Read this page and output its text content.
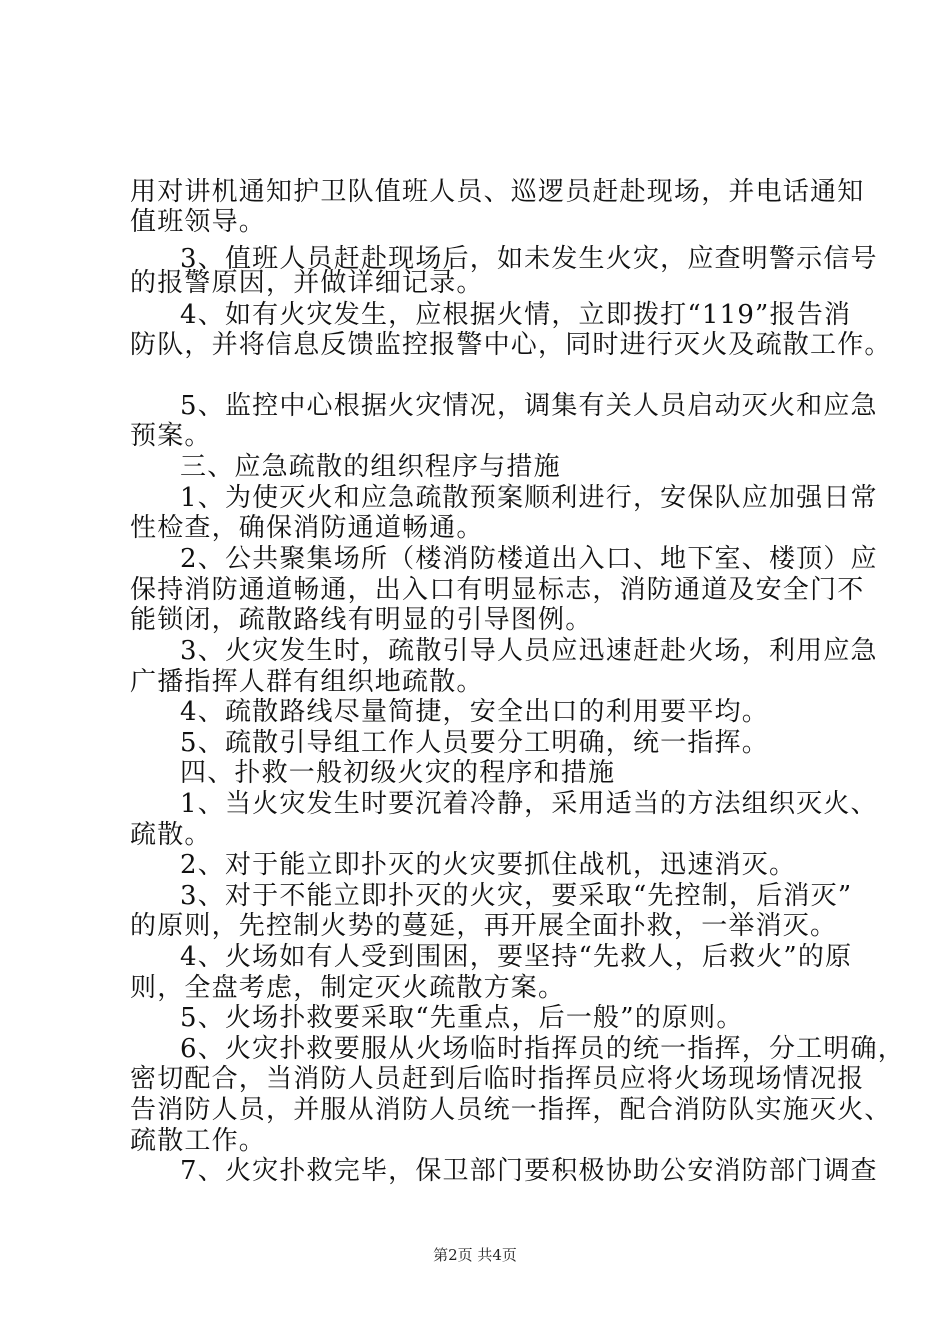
用对讲机通知护卫队值班人员、巡逻员赶赴现场，并电话通知
值班领导。
3、值班人员赶赴现场后，如未发生火灾，应查明警示信号
的报警原因，并做详细记录。
4、如有火灾发生，应根据火情，立即拨打“119”报告消
防队，并将信息反馈监控报警中心，同时进行灭火及疏散工作。
5、监控中心根据火灾情况，调集有关人员启动灭火和应急
预案。
三、应急疏散的组织程序与措施
1、为使灭火和应急疏散预案顺利进行，安保队应加强日常
性检查，确保消防通道畅通。
2、公共聚集场所（楼消防楼道出入口、地下室、楼顶）应
保持消防通道畅通，出入口有明显标志，消防通道及安全门不
能锁闭，疏散路线有明显的引导图例。
3、火灾发生时，疏散引导人员应迅速赶赴火场，利用应急
广播指挥人群有组织地疏散。
4、疏散路线尽量简捷，安全出口的利用要平均。
5、疏散引导组工作人员要分工明确，统一指挥。
四、扑救一般初级火灾的程序和措施
1、当火灾发生时要沉着冷静，采用适当的方法组织灭火、
疏散。
2、对于能立即扑灭的火灾要抓住战机，迅速消灭。
3、对于不能立即扑灭的火灾，要采取“先控制，后消灭”
的原则，先控制火势的蔓延，再开展全面扑救，一举消灭。
4、火场如有人受到围困，要坚持“先救人，后救火”的原
则，全盘考虑，制定灭火疏散方案。
5、火场扑救要采取“先重点，后一般”的原则。
6、火灾扑救要服从火场临时指挥员的统一指挥，分工明确，
密切配合，当消防人员赶到后临时指挥员应将火场现场情况报
告消防人员，并服从消防人员统一指挥，配合消防队实施灭火、
疏散工作。
7、火灾扑救完毕，保卫部门要积极协助公安消防部门调查
第2页 共4页
